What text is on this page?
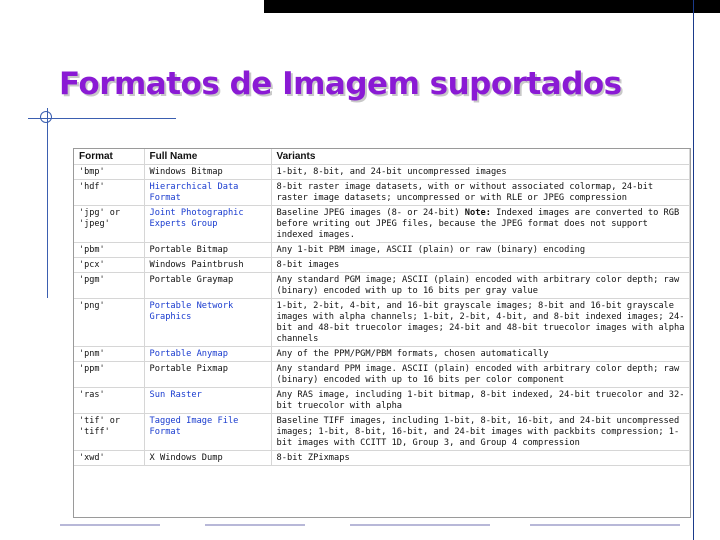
Formatos de Imagem suportados
Format	Full Name	Variants
'bmp'	Windows Bitmap	1-bit, 8-bit, and 24-bit uncompressed images
'hdf'	Hierarchical Data Format	8-bit raster image datasets, with or without associated colormap, 24-bit raster image datasets; uncompressed or with RLE or JPEG compression
'jpg' or 'jpeg'	Joint Photographic Experts Group	Baseline JPEG images (8- or 24-bit) Note: Indexed images are converted to RGB before writing out JPEG files, because the JPEG format does not support indexed images.
'pbm'	Portable Bitmap	Any 1-bit PBM image, ASCII (plain) or raw (binary) encoding
'pcx'	Windows Paintbrush	8-bit images
'pgm'	Portable Graymap	Any standard PGM image; ASCII (plain) encoded with arbitrary color depth; raw (binary) encoded with up to 16 bits per gray value
'png'	Portable Network Graphics	1-bit, 2-bit, 4-bit, and 16-bit grayscale images; 8-bit and 16-bit grayscale images with alpha channels; 1-bit, 2-bit, 4-bit, and 8-bit indexed images; 24-bit and 48-bit truecolor images; 24-bit and 48-bit truecolor images with alpha channels
'pnm'	Portable Anymap	Any of the PPM/PGM/PBM formats, chosen automatically
'ppm'	Portable Pixmap	Any standard PPM image. ASCII (plain) encoded with arbitrary color depth; raw (binary) encoded with up to 16 bits per color component
'ras'	Sun Raster	Any RAS image, including 1-bit bitmap, 8-bit indexed, 24-bit truecolor and 32-bit truecolor with alpha
'tif' or 'tiff'	Tagged Image File Format	Baseline TIFF images, including 1-bit, 8-bit, 16-bit, and 24-bit uncompressed images; 1-bit, 8-bit, 16-bit, and 24-bit images with packbits compression; 1-bit images with CCITT 1D, Group 3, and Group 4 compression
'xwd'	X Windows Dump	8-bit ZPixmaps
